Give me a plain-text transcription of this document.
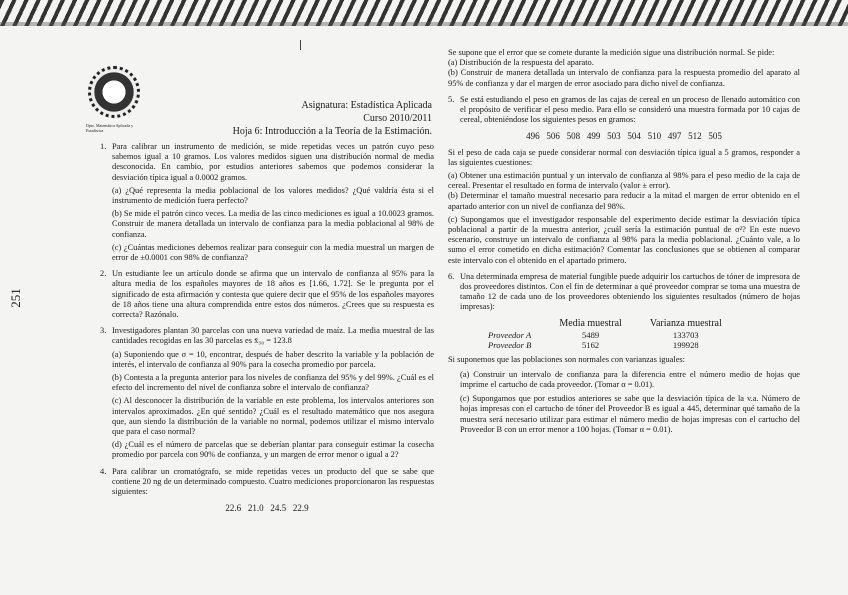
251
Dpto. Matemática Aplicada y Estadística
Asignatura: Estadística Aplicada
Curso 2010/2011
Hoja 6: Introducción a la Teoría de la Estimación.
1. Para calibrar un instrumento de medición, se mide repetidas veces un patrón cuyo peso sabemos igual a 10 gramos. Los valores medidos siguen una distribución normal de media desconocida. En cambio, por estudios anteriores sabemos que podemos considerar la desviación típica igual a 0.0002 gramos.
(a) ¿Qué representa la media poblacional de los valores medidos? ¿Qué valdría ésta si el instrumento de medición fuera perfecto?
(b) Se mide el patrón cinco veces. La media de las cinco mediciones es igual a 10.0023 gramos. Construir de manera detallada un intervalo de confianza para la media poblacional al 98% de confianza.
(c) ¿Cuántas mediciones debemos realizar para conseguir con la media muestral un margen de error de ±0.0001 con 98% de confianza?
2. Un estudiante lee un artículo donde se afirma que un intervalo de confianza al 95% para la altura media de los españoles mayores de 18 años es [1.66, 1.72]. Se le pregunta por el significado de esta afirmación y contesta que quiere decir que el 95% de los españoles mayores de 18 años tiene una altura comprendida entre estos dos números. ¿Crees que su respuesta es correcta? Razónalo.
3. Investigadores plantan 30 parcelas con una nueva variedad de maíz. La media muestral de las cantidades recogidas en las 30 parcelas es x̄₃₀ = 123.8
(a) Suponiendo que σ = 10, encontrar, después de haber descrito la variable y la población de interés, el intervalo de confianza al 90% para la cosecha promedio por parcela.
(b) Contesta a la pregunta anterior para los niveles de confianza del 95% y del 99%. ¿Cuál es el efecto del incremento del nivel de confianza sobre el intervalo de confianza?
(c) Al desconocer la distribución de la variable en este problema, los intervalos anteriores son intervalos aproximados. ¿En qué sentido? ¿Cuál es el resultado matemático que nos asegura que, aun siendo la distribución de la variable no normal, podemos utilizar el mismo intervalo que para el caso normal?
(d) ¿Cuál es el número de parcelas que se deberían plantar para conseguir estimar la cosecha promedio por parcela con 90% de confianza, y un margen de error menor o igual a 2?
4. Para calibrar un cromatógrafo, se mide repetidas veces un producto del que se sabe que contiene 20 ng de un determinado compuesto. Cuatro mediciones proporcionaron las respuestas siguientes:
22.6   21.0   24.5   22.9
Se supone que el error que se comete durante la medición sigue una distribución normal. Se pide:
(a) Distribución de la respuesta del aparato.
(b) Construir de manera detallada un intervalo de confianza para la respuesta promedio del aparato al 95% de confianza y dar el margen de error asociado para dicho nivel de confianza.
5. Se está estudiando el peso en gramos de las cajas de cereal en un proceso de llenado automático con el propósito de verificar el peso medio. Para ello se consideró una muestra formada por 10 cajas de cereal, obteniéndose los siguientes pesos en gramos:
496   506   508   499   503   504   510   497   512   505
Si el peso de cada caja se puede considerar normal con desviación típica igual a 5 gramos, responder a las siguientes cuestiones:
(a) Obtener una estimación puntual y un intervalo de confianza al 98% para el peso medio de la caja de cereal. Presentar el resultado en forma de intervalo (valor ± error).
(b) Determinar el tamaño muestral necesario para reducir a la mitad el margen de error obtenido en el apartado anterior con un nivel de confianza del 98%.
(c) Supongamos que el investigador responsable del experimento decide estimar la desviación típica poblacional a partir de la muestra anterior, ¿cuál sería la estimación puntual de σ²? En este nuevo escenario, construye un intervalo de confianza al 98% para la media poblacional. ¿Cuánto vale, a lo sumo el error cometido en dicha estimación? Comentar las conclusiones que se obtienen al comparar este intervalo con el obtenido en el apartado primero.
6. Una determinada empresa de material fungible puede adquirir los cartuchos de tóner de impresora de dos proveedores distintos. Con el fin de determinar a qué proveedor comprar se toma una muestra de tamaño 12 de cada uno de los proveedores obteniendo los siguientes resultados (número de hojas impresas):
	Media muestral	Varianza muestral
Proveedor A	5489	133703
Proveedor B	5162	199928
Si suponemos que las poblaciones son normales con varianzas iguales:
(a) Construir un intervalo de confianza para la diferencia entre el número medio de hojas que imprime el cartucho de cada proveedor. (Tomar α = 0.01).
(c) Supongamos que por estudios anteriores se sabe que la desviación típica de la v.a. Número de hojas impresas con el cartucho de tóner del Proveedor B es igual a 445, determinar qué tamaño de la muestra será necesario utilizar para estimar el número medio de hojas impresas con el cartucho del Proveedor B con un error menor a 100 hojas. (Tomar α = 0.01).
